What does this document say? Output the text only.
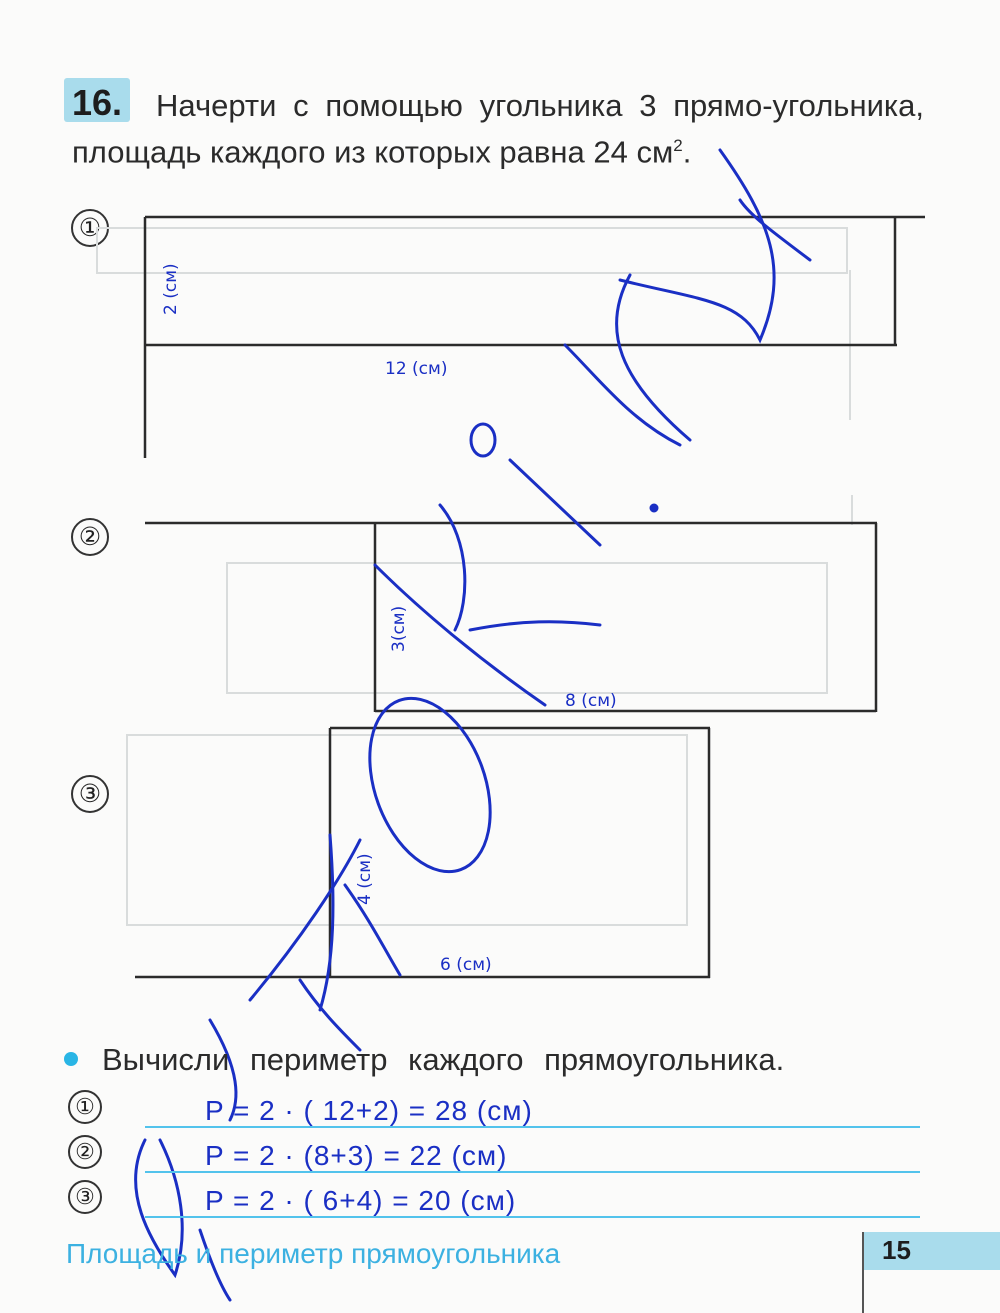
16.	Начерти с помощью угольника 3 прямо-угольника, площадь каждого из которых равна 24 $см^2$.
①
②
③
2 (см)
12 (см)
3(см)
8 (см)
4 (см)
6 (см)
Вычисли периметр каждого прямоугольника.
①
②
③
P = 2 · ( 12+2) = 28 (см)
P = 2 · (8+3) = 22 (см)
P = 2 · ( 6+4) = 20 (см)
Площадь и периметр прямоугольника	15
